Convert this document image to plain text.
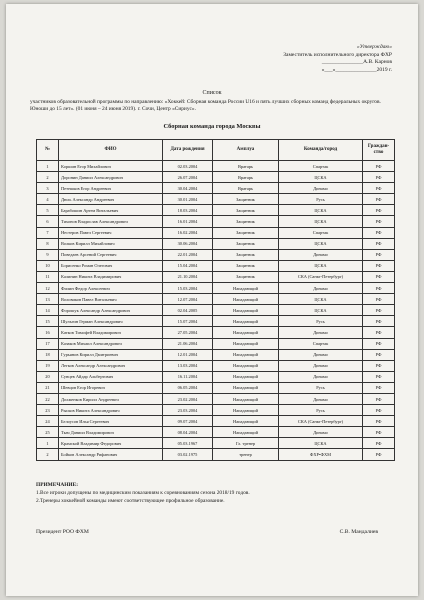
«Утверждаю»
Заместитель исполнительного директора ФХР
_______________А.В. Карнов
«___»_______________2019 г.
Список
участников образовательной программы по направлению: «Хоккей: Сборная команда России U16 и пять лучших сборных команд федеральных округов. Юноши до 15 лет». (01 июня – 24 июня 2019). г. Сочи, Центр «Сириус».
Сборная команда города Москвы
№	ФИО	Дата рождения	Амплуа	Команда/город	Граждан-ство
1	Коршин Егор Михайлович	02.03.2004	Вратарь	Спартак	РФ
2	Доронин Даниил Александрович	26.07.2004	Вратарь	ЦСКА	РФ
3	Петешков Егор Андреевич	30.04.2004	Вратарь	Динамо	РФ
4	Дюль Александр Андреевич	30.01.2004	Защитник	Русь	РФ
5	Барабошин Артем Витальевич	18.03.2004	Защитник	ЦСКА	РФ
6	Тихонов Владислав Александрович	16.01.2004	Защитник	ЦСКА	РФ
7	Нестеров Павел Сергеевич	16.02.2004	Защитник	Спартак	РФ
8	Волков Кирилл Михайлович	30.06.2004	Защитник	ЦСКА	РФ
9	Поведаев Арсений Сергеевич	22.01.2004	Защитник	Динамо	РФ
10	Борисенко Роман Олегович	15.04.2004	Защитник	ЦСКА	РФ
11	Калинин Никита Владимирович	21.10.2004	Защитник	СКА (Санкт-Петербург)	РФ
12	Филин Федор Алексеевич	15.03.2004	Нападающий	Динамо	РФ
13	Воловиков Павел Витальевич	12.07.2004	Нападающий	ЦСКА	РФ
14	Форошук Александр Александрович	02.04.2005	Нападающий	ЦСКА	РФ
15	Шульгин Герман Александрович	15.07.2004	Нападающий	Русь	РФ
16	Катков Тимофей Владимирович	27.05.2004	Нападающий	Динамо	РФ
17	Казаков Михаил Александрович	21.06.2004	Нападающий	Спартак	РФ
18	Гурьянов Кирилл Дмитриевич	12.01.2004	Нападающий	Динамо	РФ
19	Легков Александр Александрович	13.03.2004	Нападающий	Динамо	РФ
20	Сунцев Айдар Альбертович	16.11.2004	Нападающий	Динамо	РФ
21	Шевцов Егор Игоревич	06.05.2004	Нападающий	Русь	РФ
22	Долженков Кирилл Андреевич	23.02.2004	Нападающий	Динамо	РФ
23	Рысков Никита Александрович	23.03.2004	Нападающий	Русь	РФ
24	Белоусов Илья Сергеевич	09.07.2004	Нападающий	СКА (Санкт-Петербург)	РФ
25	Ткач Даниил Владимирович	08.04.2004	Нападающий	Динамо	РФ
1	Крамской Владимир Федорович	05.03.1967	Гл. тренер	ЦСКА	РФ
2	Бойков Александр Рифанович	03.02.1975	тренер	ФХР•ФХМ	РФ
ПРИМЕЧАНИЕ:
1.Все игроки допущены по медицинским показаниям к соревнованиям сезона 2018/19 годов.
2.Тренеры хоккейной команды имеют соответствующее профильное образование.
Президент РОО ФХМ	С.В. Мандалиев
